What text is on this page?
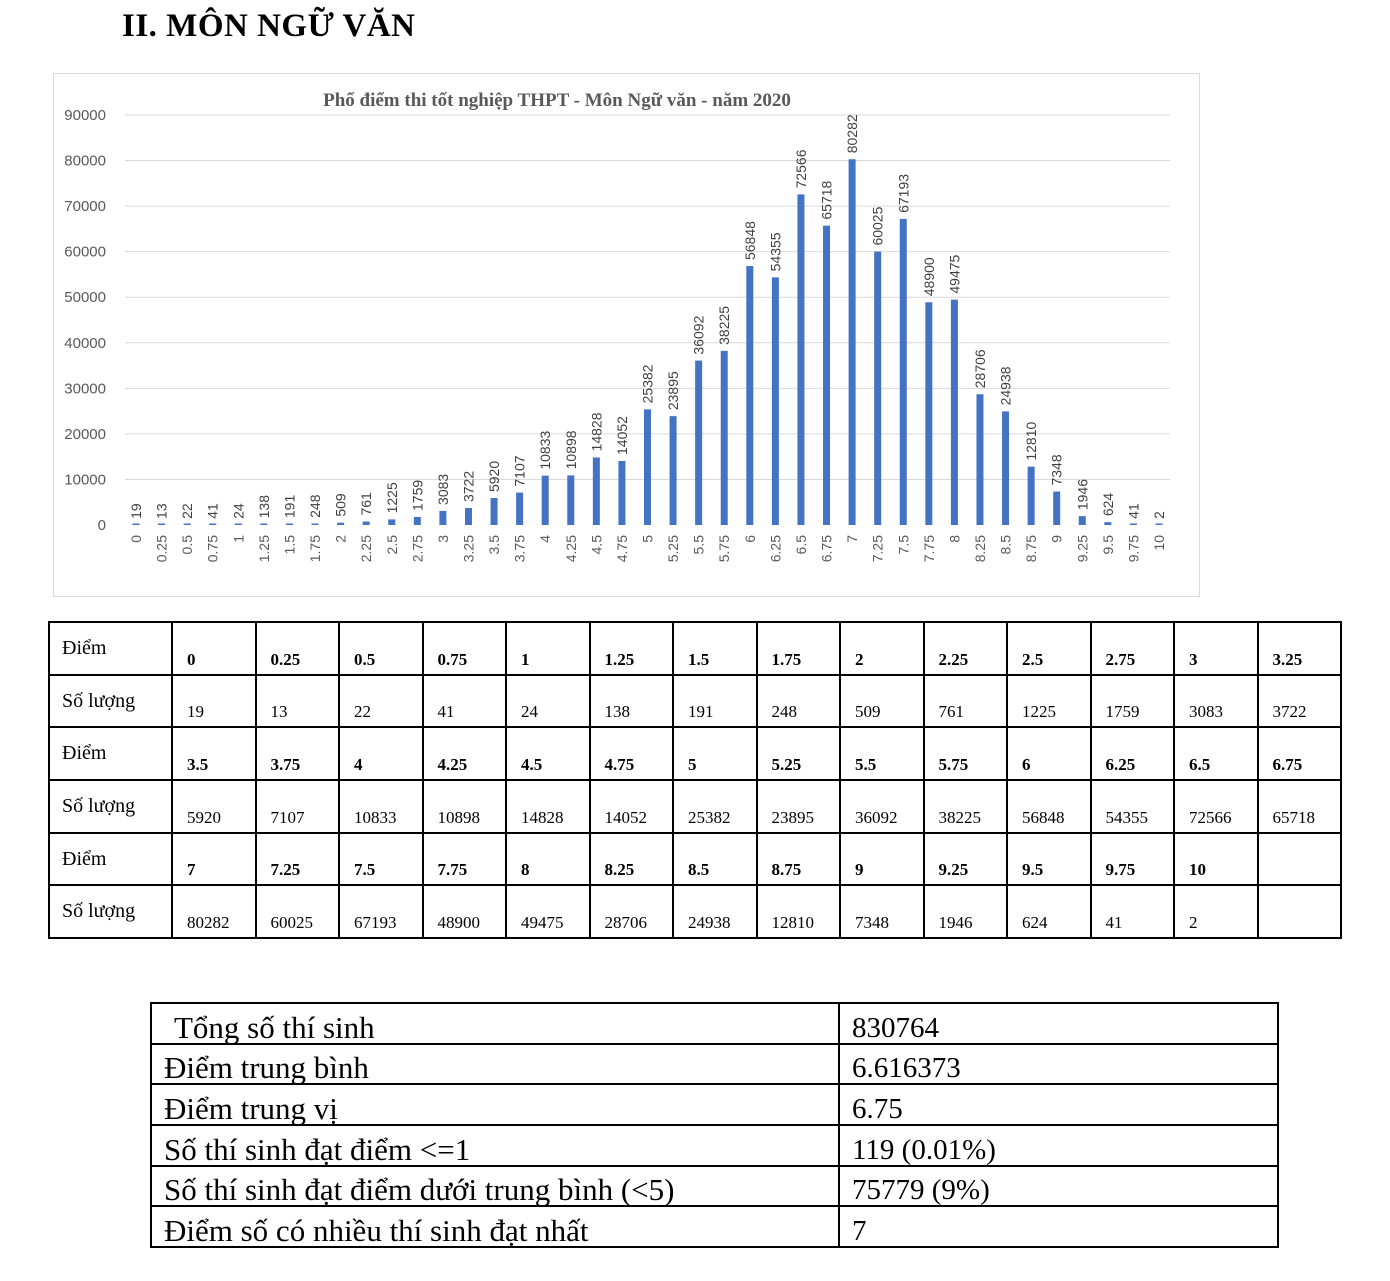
II. MÔN NGỮ VĂN
Phổ điểm thi tốt nghiệp THPT - Môn Ngữ văn - năm 2020
0
10000
20000
30000
40000
50000
60000
70000
80000
90000
19 13 22 41 24 138 191 248 509 761 1225 1759 3083 3722 5920 7107
10833 10898 14828 14052
25382 23895
36092 38225
56848 54355
72566
65718
80282
60025
67193
48900 49475
28706 24938
12810
7348
1946 624 41 2
0 0.25 0.5 0.75 1 1.25 1.5 1.75 2 2.25 2.5 2.75 3 3.25 3.5 3.75 4 4.25 4.5 4.75 5 5.25 5.5 5.75 6 6.25 6.5 6.75 7 7.25 7.5 7.75 8 8.25 8.5 8.75 9 9.25 9.5 9.75 10
Điểm	0	0.25	0.5	0.75	1	1.25	1.5	1.75	2	2.25	2.5	2.75	3	3.25
Số lượng	19	13	22	41	24	138	191	248	509	761	1225	1759	3083	3722
Điểm	3.5	3.75	4	4.25	4.5	4.75	5	5.25	5.5	5.75	6	6.25	6.5	6.75
Số lượng	5920	7107	10833	10898	14828	14052	25382	23895	36092	38225	56848	54355	72566	65718
Điểm	7	7.25	7.5	7.75	8	8.25	8.5	8.75	9	9.25	9.5	9.75	10	
Số lượng	80282	60025	67193	48900	49475	28706	24938	12810	7348	1946	624	41	2	
Tổng số thí sinh	830764
Điểm trung bình	6.616373
Điểm trung vị	6.75
Số thí sinh đạt điểm <=1	119 (0.01%)
Số thí sinh đạt điểm dưới trung bình (<5)	75779 (9%)
Điểm số có nhiều thí sinh đạt nhất	7
